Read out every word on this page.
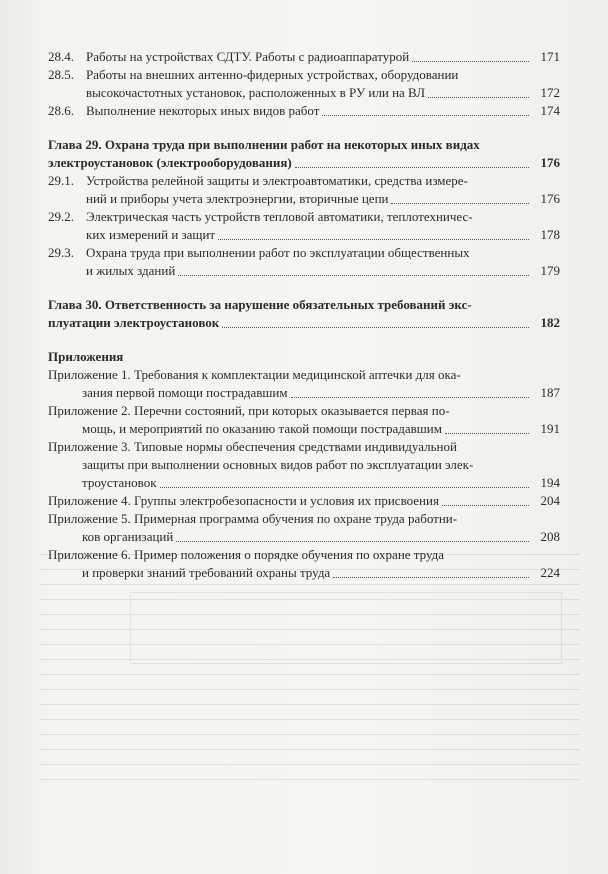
28.4. Работы на устройствах СДТУ. Работы с радиоаппаратурой	171
28.5. Работы на внешних антенно-фидерных устройствах, оборудовании
высокочастотных установок, расположенных в РУ или на ВЛ	172
28.6. Выполнение некоторых иных видов работ	174
Глава 29. Охрана труда при выполнении работ на некоторых иных видах
электроустановок (электрооборудования)	176
29.1. Устройства релейной защиты и электроавтоматики, средства измере-
ний и приборы учета электроэнергии, вторичные цепи	176
29.2. Электрическая часть устройств тепловой автоматики, теплотехничес-
ких измерений и защит	178
29.3. Охрана труда при выполнении работ по эксплуатации общественных
и жилых зданий	179
Глава 30. Ответственность за нарушение обязательных требований экс-
плуатации электроустановок	182
Приложения
Приложение 1. Требования к комплектации медицинской аптечки для ока-
зания первой помощи пострадавшим	187
Приложение 2. Перечни состояний, при которых оказывается первая по-
мощь, и мероприятий по оказанию такой помощи пострадавшим	191
Приложение 3. Типовые нормы обеспечения средствами индивидуальной
защиты при выполнении основных видов работ по эксплуатации элек-
троустановок	194
Приложение 4. Группы электробезопасности и условия их присвоения	204
Приложение 5. Примерная программа обучения по охране труда работни-
ков организаций	208
Приложение 6. Пример положения о порядке обучения по охране труда
и проверки знаний требований охраны труда	224
